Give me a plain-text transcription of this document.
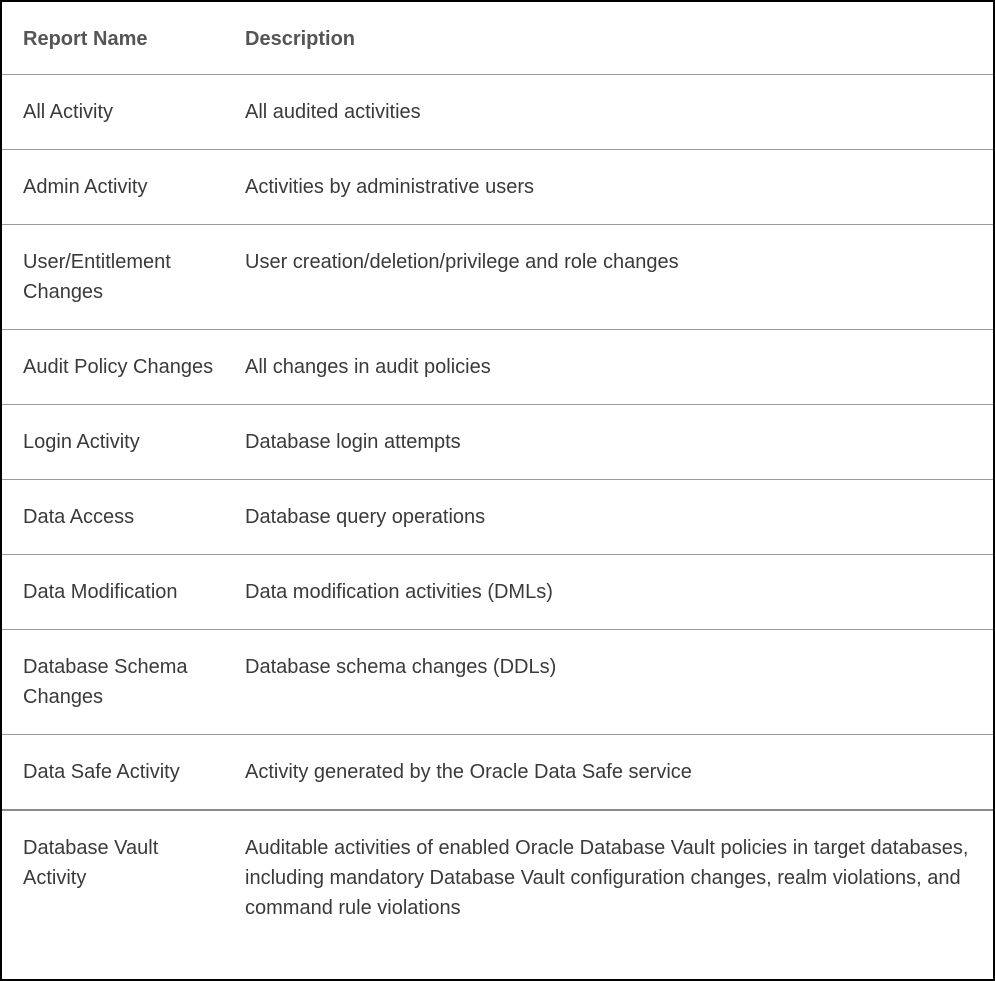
Report Name	Description
All Activity	All audited activities
Admin Activity	Activities by administrative users
User/Entitlement Changes	User creation/deletion/privilege and role changes
Audit Policy Changes	All changes in audit policies
Login Activity	Database login attempts
Data Access	Database query operations
Data Modification	Data modification activities (DMLs)
Database Schema Changes	Database schema changes (DDLs)
Data Safe Activity	Activity generated by the Oracle Data Safe service
Database Vault Activity	Auditable activities of enabled Oracle Database Vault policies in target databases, including mandatory Database Vault configuration changes, realm violations, and command rule violations
